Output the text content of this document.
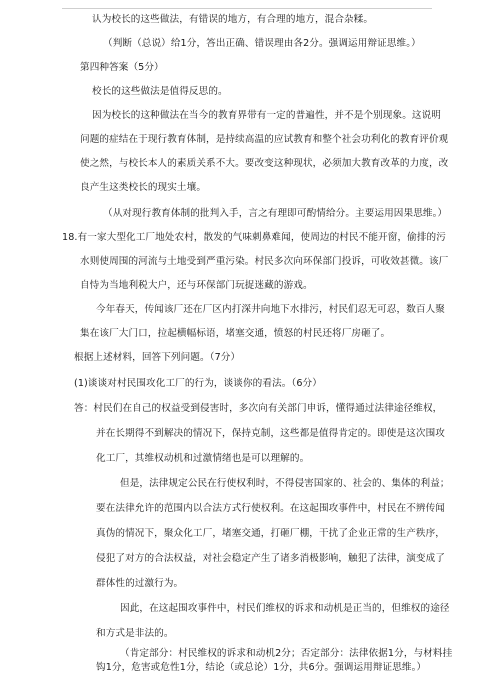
认为校长的这些做法，有错误的地方，有合理的地方，混合杂糅。
（判断（总说）给1分，答出正确、错误理由各2分。强调运用辩证思维。）
第四种答案（5分）
校长的这些做法是值得反思的。
因为校长的这种做法在当今的教育界带有一定的普遍性，并不是个别现象。这说明
问题的症结在于现行教育体制，是持续高温的应试教育和整个社会功利化的教育评价观
使之然，与校长本人的素质关系不大。要改变这种现状，必须加大教育改革的力度，改
良产生这类校长的现实土壤。
（从对现行教育体制的批判入手，言之有理即可酌情给分。主要运用因果思维。）
18.有一家大型化工厂地处农村，散发的气味刺鼻难闻，使周边的村民不能开窗，偷排的污
水则使周围的河流与土地受到严重污染。村民多次向环保部门投诉，可收效甚微。该厂
自恃为当地利税大户，还与环保部门玩捉迷藏的游戏。
今年春天，传闻该厂还在厂区内打深井向地下水排污，村民们忍无可忍，数百人聚
集在该厂大门口，拉起横幅标语，堵塞交通，愤怒的村民还将厂房砸了。
根据上述材料，回答下列问题。（7分）
(1)谈谈对村民围攻化工厂的行为，谈谈你的看法。（6分）
答：村民们在自己的权益受到侵害时，多次向有关部门申诉，懂得通过法律途径维权，
并在长期得不到解决的情况下，保持克制，这些都是值得肯定的。即使是这次围攻
化工厂，其维权动机和过激情绪也是可以理解的。
但是，法律规定公民在行使权利时，不得侵害国家的、社会的、集体的利益；
要在法律允许的范围内以合法方式行使权利。在这起围攻事件中，村民在不辨传闻
真伪的情况下，聚众化工厂，堵塞交通，打砸厂棚，干扰了企业正常的生产秩序，
侵犯了对方的合法权益，对社会稳定产生了诸多消极影响，触犯了法律，演变成了
群体性的过激行为。
因此，在这起围攻事件中，村民们维权的诉求和动机是正当的，但维权的途径
和方式是非法的。
（肯定部分：村民维权的诉求和动机2分；否定部分：法律依据1分，与材料挂
钩1分，危害或危性1分，结论（或总论）1分，共6分。强调运用辩证思维。）
